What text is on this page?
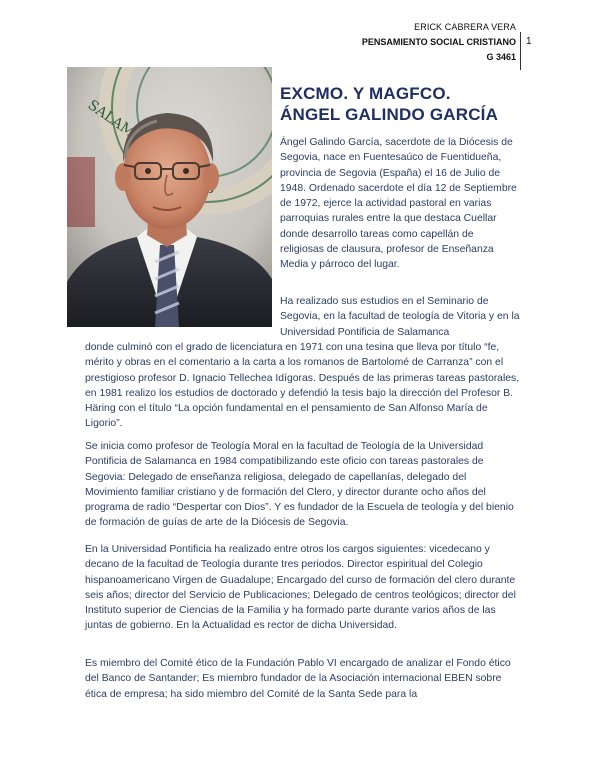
ERICK CABRERA VERA
PENSAMIENTO SOCIAL CRISTIANO
G 3461
1
SALAMANCA
EXCMO. Y MAGFCO.
ÁNGEL GALINDO GARCÍA

Ángel Galindo García, sacerdote de la Diócesis de Segovia, nace en Fuentesaúco de Fuentidueña, provincia de Segovia (España) el 16 de Julio de 1948. Ordenado sacerdote el día 12 de Septiembre de 1972, ejerce la actividad pastoral en varias parroquias rurales entre la que destaca Cuellar donde desarrollo tareas como capellán de religiosas de clausura, profesor de Enseñanza Media y párroco del lugar.

Ha realizado sus estudios en el Seminario de Segovia, en la facultad de teología de Vitoria y en la Universidad Pontificia de Salamanca

donde culminó con el grado de licenciatura en 1971 con una tesina que lleva por título “fe, mérito y obras en el comentario a la carta a los romanos de Bartolomé de Carranza” con el prestigioso profesor D. Ignacio Tellechea Idígoras. Después de las primeras tareas pastorales, en 1981 realizo los estudios de doctorado y defendió la tesis bajo la dirección del Profesor B. Häring con el título “La opción fundamental en el pensamiento de San Alfonso María de Ligorio”.

Se inicia como profesor de Teología Moral en la facultad de Teología de la Universidad Pontificia de Salamanca en 1984 compatibilizando este oficio con tareas pastorales de Segovia: Delegado de enseñanza religiosa, delegado de capellanías, delegado del Movimiento familiar cristiano y de formación del Clero, y director durante ocho años del programa de radio “Despertar con Dios”. Y es fundador de la Escuela de teología y del bienio de formación de guías de arte de la Diócesis de Segovia.

En la Universidad Pontificia ha realizado entre otros los cargos siguientes: vicedecano y decano de la facultad de Teología durante tres periodos. Director espiritual del Colegio hispanoamericano Virgen de Guadalupe; Encargado del curso de formación del clero durante seis años; director del Servicio de Publicaciones; Delegado de centros teológicos; director del Instituto superior de Ciencias de la Familia y ha formado parte durante varios años de las juntas de gobierno. En la Actualidad es rector de dicha Universidad.

Es miembro del Comité ético de la Fundación Pablo VI encargado de analizar el Fondo ético del Banco de Santander; Es miembro fundador de la Asociación internacional EBEN sobre ética de empresa; ha sido miembro del Comité de la Santa Sede para la
